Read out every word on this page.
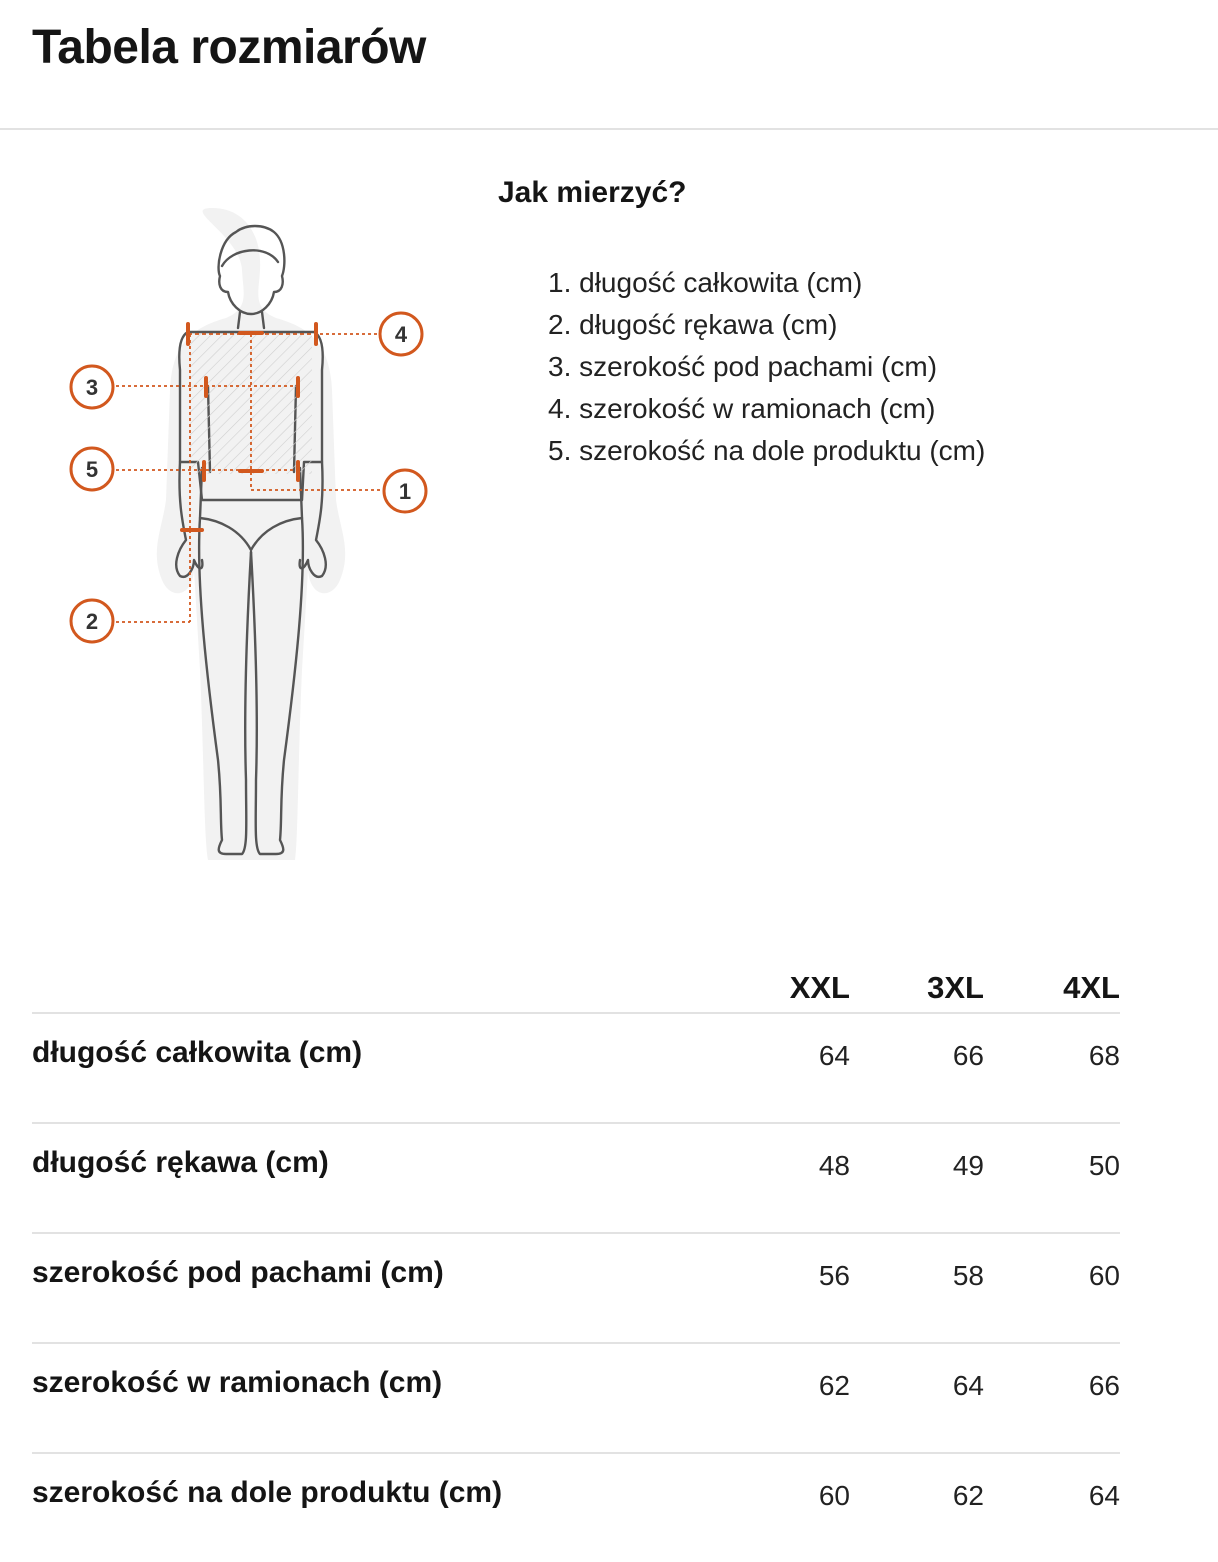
Tabela rozmiarów
4
3
5
1
2
Jak mierzyć?
1. długość całkowita (cm)
2. długość rękawa (cm)
3. szerokość pod pachami (cm)
4. szerokość w ramionach (cm)
5. szerokość na dole produktu (cm)
	XXL	3XL	4XL
długość całkowita (cm)	64	66	68
długość rękawa (cm)	48	49	50
szerokość pod pachami (cm)	56	58	60
szerokość w ramionach (cm)	62	64	66
szerokość na dole produktu (cm)	60	62	64
